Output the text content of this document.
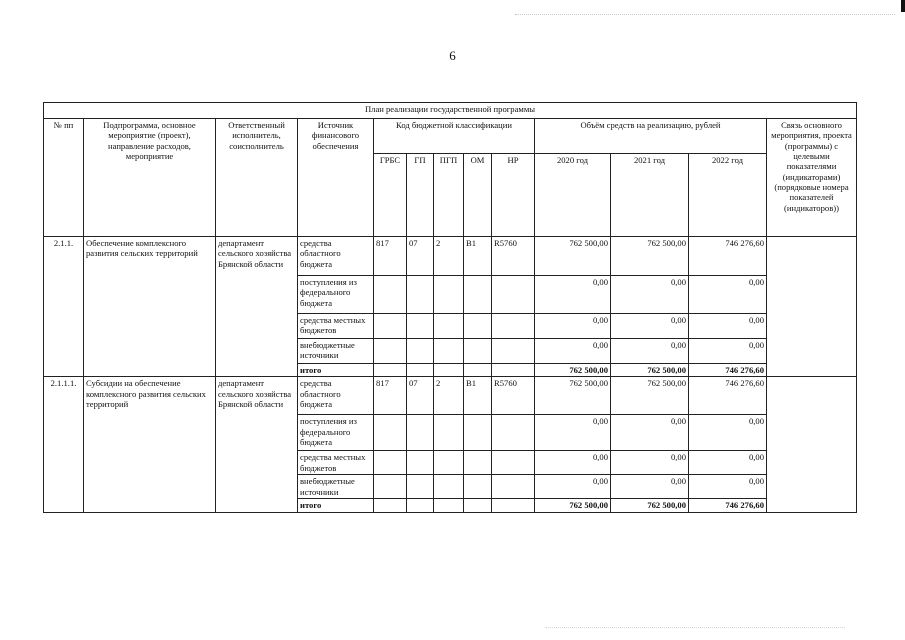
6
План реализации государственной программы												
№ пп	Подпрограмма, основное мероприятие (проект), направление расходов, мероприятие	Ответственный исполнитель, соисполнитель	Источник финансового обеспечения	Код бюджетной классификации					Объём средств на реализацию, рублей			Связь основного мероприятия, проекта (программы) с целевыми показателями (индикаторами) (порядковые номера показателей (индикаторов))
				ГРБС	ГП	ПГП	ОМ	НР	2020 год	2021 год	2022 год	
2.1.1.	Обеспечение комплексного развития сельских территорий	департамент сельского хозяйства Брянской области	средства областного бюджета	817	07	2	В1	R5760	762 500,00	762 500,00	746 276,60	
			поступления из федерального бюджета						0,00	0,00	0,00	
			средства местных бюджетов						0,00	0,00	0,00	
			внебюджетные источники						0,00	0,00	0,00	
			итого						762 500,00	762 500,00	746 276,60	
2.1.1.1.	Субсидии на обеспечение комплексного развития сельских территорий	департамент сельского хозяйства Брянской области	средства областного бюджета	817	07	2	В1	R5760	762 500,00	762 500,00	746 276,60	
			поступления из федерального бюджета						0,00	0,00	0,00	
			средства местных бюджетов						0,00	0,00	0,00	
			внебюджетные источники						0,00	0,00	0,00	
			итого						762 500,00	762 500,00	746 276,60	
